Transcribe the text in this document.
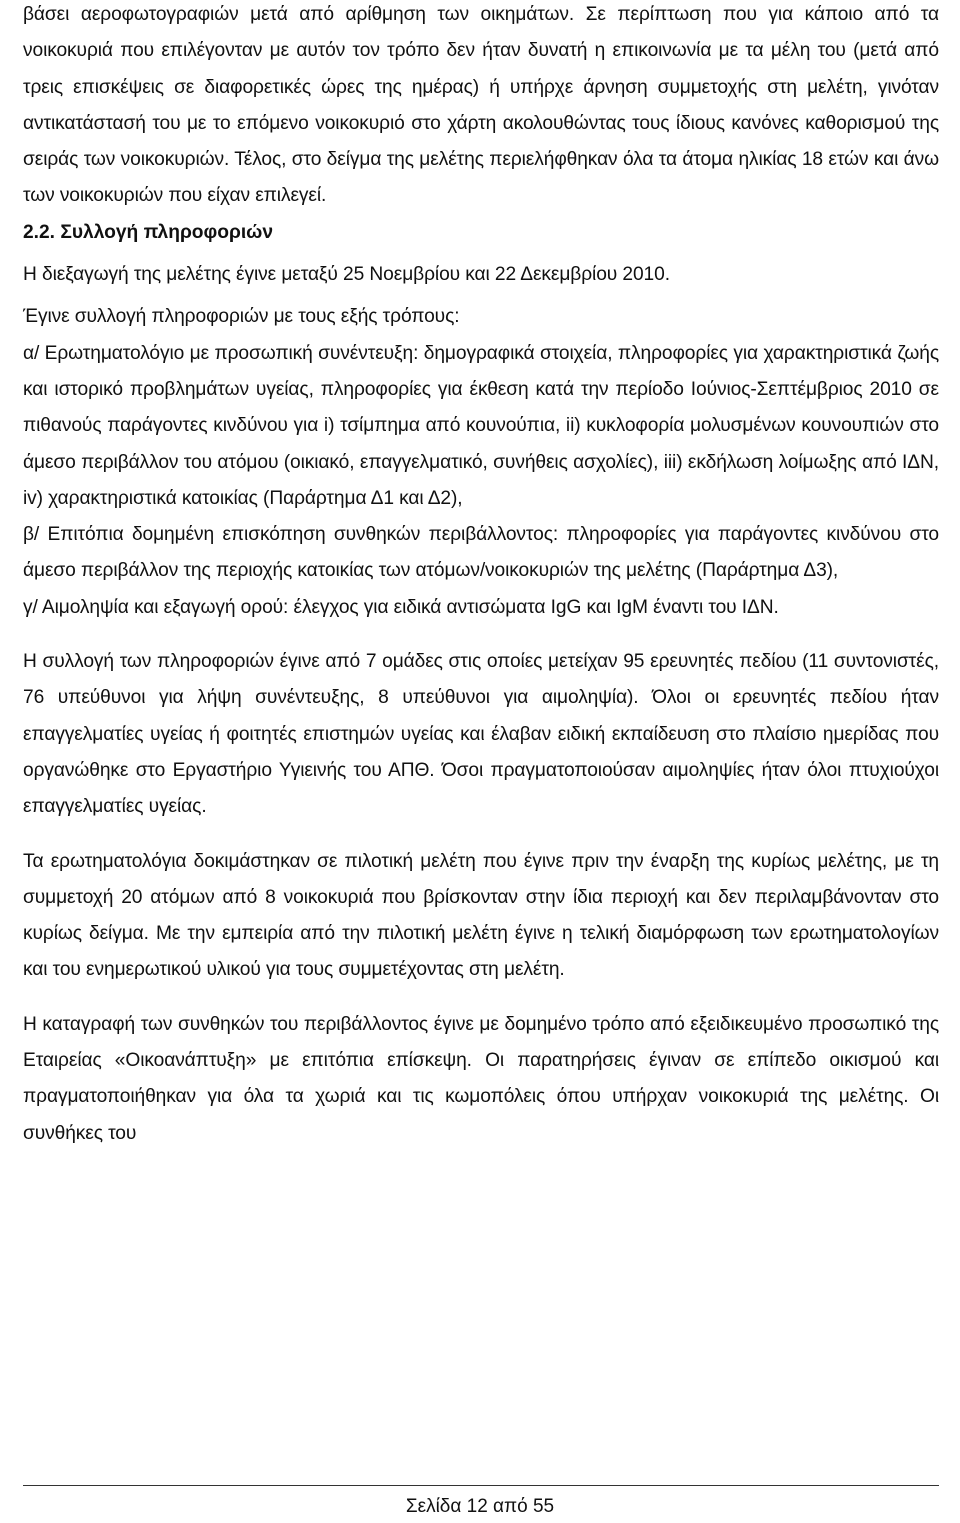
βάσει αεροφωτογραφιών μετά από αρίθμηση των οικημάτων. Σε περίπτωση που για κάποιο από τα νοικοκυριά που επιλέγονταν με αυτόν τον τρόπο δεν ήταν δυνατή η επικοινωνία με τα μέλη του (μετά από τρεις επισκέψεις σε διαφορετικές ώρες της ημέρας) ή υπήρχε άρνηση συμμετοχής στη μελέτη, γινόταν αντικατάστασή του με το επόμενο νοικοκυριό στο χάρτη ακολουθώντας τους ίδιους κανόνες καθορισμού της σειράς των νοικοκυριών. Τέλος, στο δείγμα της μελέτης περιελήφθηκαν όλα τα άτομα ηλικίας 18 ετών και άνω των νοικοκυριών που είχαν επιλεγεί.

2.2. Συλλογή πληροφοριών

Η διεξαγωγή της μελέτης έγινε μεταξύ 25 Νοεμβρίου και 22 Δεκεμβρίου 2010.

Έγινε συλλογή πληροφοριών με τους εξής τρόπους:

α/ Ερωτηματολόγιο με προσωπική συνέντευξη: δημογραφικά στοιχεία, πληροφορίες για χαρακτηριστικά ζωής και ιστορικό προβλημάτων υγείας, πληροφορίες για έκθεση κατά την περίοδο Ιούνιος-Σεπτέμβριος 2010 σε πιθανούς παράγοντες κινδύνου για i) τσίμπημα από κουνούπια, ii) κυκλοφορία μολυσμένων κουνουπιών στο άμεσο περιβάλλον του ατόμου (οικιακό, επαγγελματικό, συνήθεις ασχολίες), iii) εκδήλωση λοίμωξης από ΙΔΝ, iv) χαρακτηριστικά κατοικίας (Παράρτημα Δ1 και Δ2),

β/ Επιτόπια δομημένη επισκόπηση συνθηκών περιβάλλοντος: πληροφορίες για παράγοντες κινδύνου στο άμεσο περιβάλλον της περιοχής κατοικίας των ατόμων/νοικοκυριών της μελέτης (Παράρτημα Δ3),

γ/ Αιμοληψία και εξαγωγή ορού: έλεγχος για ειδικά αντισώματα IgG και IgM έναντι του ΙΔΝ.

Η συλλογή των πληροφοριών έγινε από 7 ομάδες στις οποίες μετείχαν 95 ερευνητές πεδίου (11 συντονιστές, 76 υπεύθυνοι για λήψη συνέντευξης, 8 υπεύθυνοι για αιμοληψία). Όλοι οι ερευνητές πεδίου ήταν επαγγελματίες υγείας ή φοιτητές επιστημών υγείας και έλαβαν ειδική εκπαίδευση στο πλαίσιο ημερίδας που οργανώθηκε στο Εργαστήριο Υγιεινής του ΑΠΘ. Όσοι πραγματοποιούσαν αιμοληψίες ήταν όλοι πτυχιούχοι επαγγελματίες υγείας.

Τα ερωτηματολόγια δοκιμάστηκαν σε πιλοτική μελέτη που έγινε πριν την έναρξη της κυρίως μελέτης, με τη συμμετοχή 20 ατόμων από 8 νοικοκυριά που βρίσκονταν στην ίδια περιοχή και δεν περιλαμβάνονταν στο κυρίως δείγμα. Με την εμπειρία από την πιλοτική μελέτη έγινε η τελική διαμόρφωση των ερωτηματολογίων και του ενημερωτικού υλικού για τους συμμετέχοντας στη μελέτη.

Η καταγραφή των συνθηκών του περιβάλλοντος έγινε με δομημένο τρόπο από εξειδικευμένο προσωπικό της Εταιρείας «Οικοανάπτυξη» με επιτόπια επίσκεψη. Οι παρατηρήσεις έγιναν σε επίπεδο οικισμού και πραγματοποιήθηκαν για όλα τα χωριά και τις κωμοπόλεις όπου υπήρχαν νοικοκυριά της μελέτης. Οι συνθήκες του

Σελίδα 12 από 55
